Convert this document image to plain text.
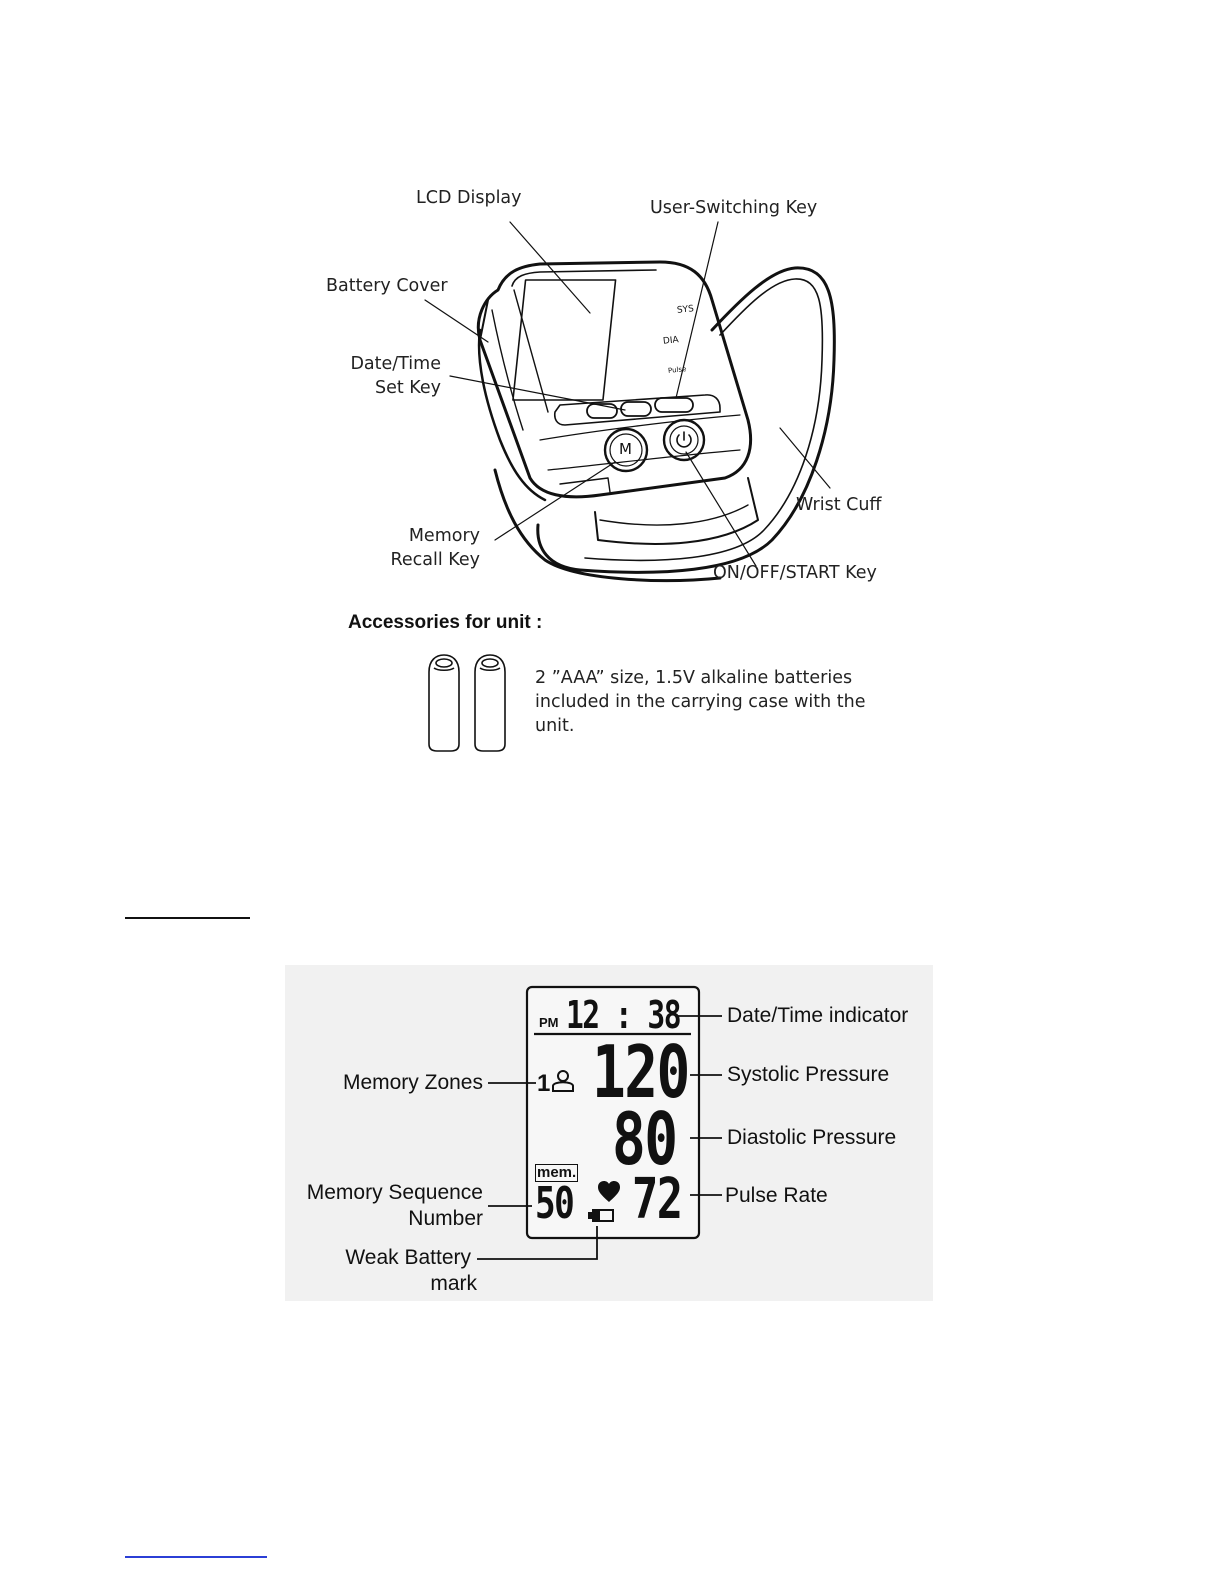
LCD Display	User-Switching Key
Battery Cover
Date/Time
Set Key
Wrist Cuff
Memory
Recall Key
ON/OFF/START Key
SYS
DIA
Pulse
M
Accessories for unit :
2 ”AAA” size, 1.5V alkaline batteries included in the carrying case with the unit.
PM 12 : 38
1 120
80
mem.
50 72
Date/Time indicator
Memory Zones	Systolic Pressure
Diastolic Pressure
Memory Sequence
Number
Pulse Rate
Weak Battery
mark
